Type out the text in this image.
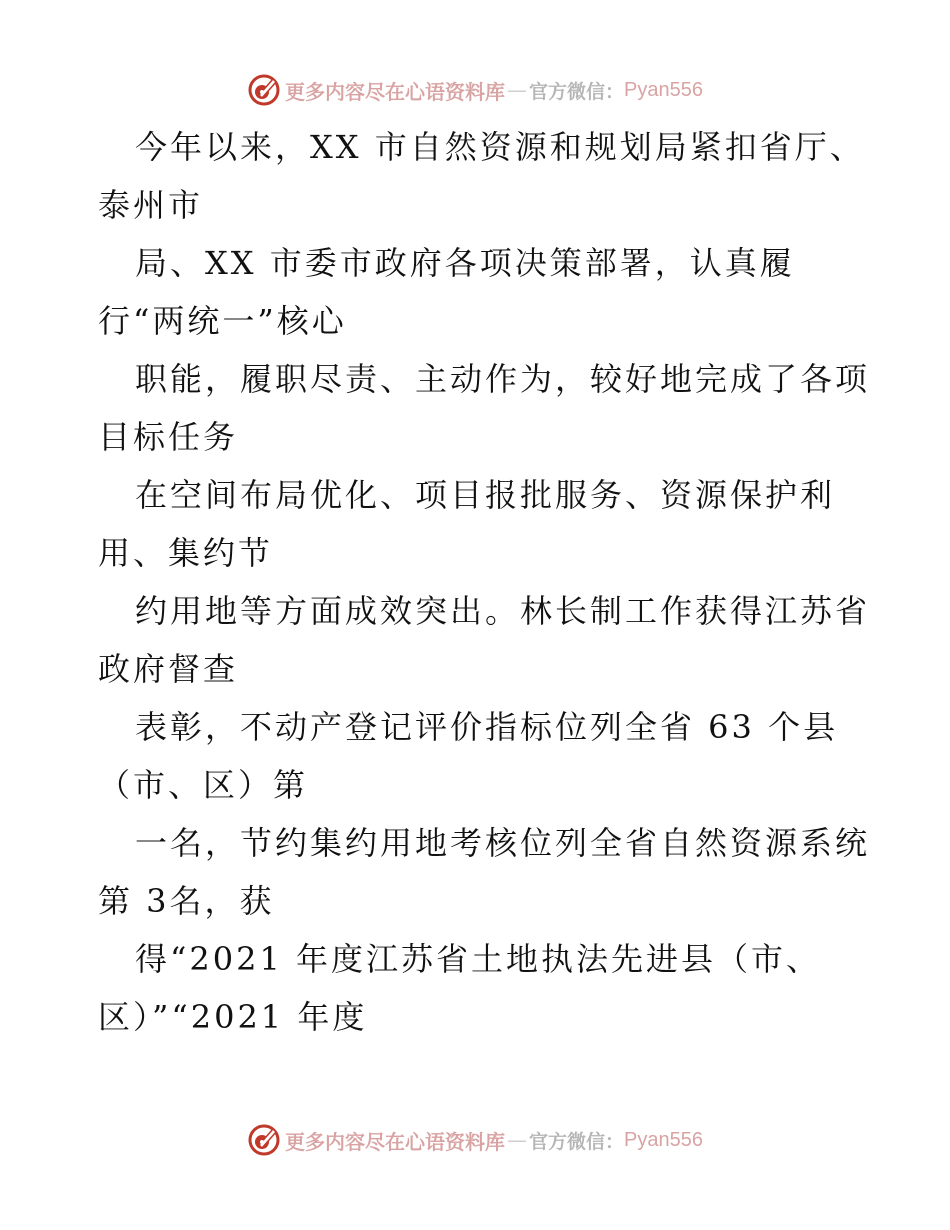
更多内容尽在心语资料库 — 官方微信： Pyan556
今年以来，XX 市自然资源和规划局紧扣省厅、
泰州市
局、XX 市委市政府各项决策部署，认真履
行“两统一”核心
职能，履职尽责、主动作为，较好地完成了各项
目标任务
在空间布局优化、项目报批服务、资源保护利
用、集约节
约用地等方面成效突出。林长制工作获得江苏省
政府督查
表彰，不动产登记评价指标位列全省 63 个县
（市、区）第
一名，节约集约用地考核位列全省自然资源系统
第 3名，获
得“2021 年度江苏省土地执法先进县（市、
区）”“2021 年度
更多内容尽在心语资料库 — 官方微信： Pyan556
